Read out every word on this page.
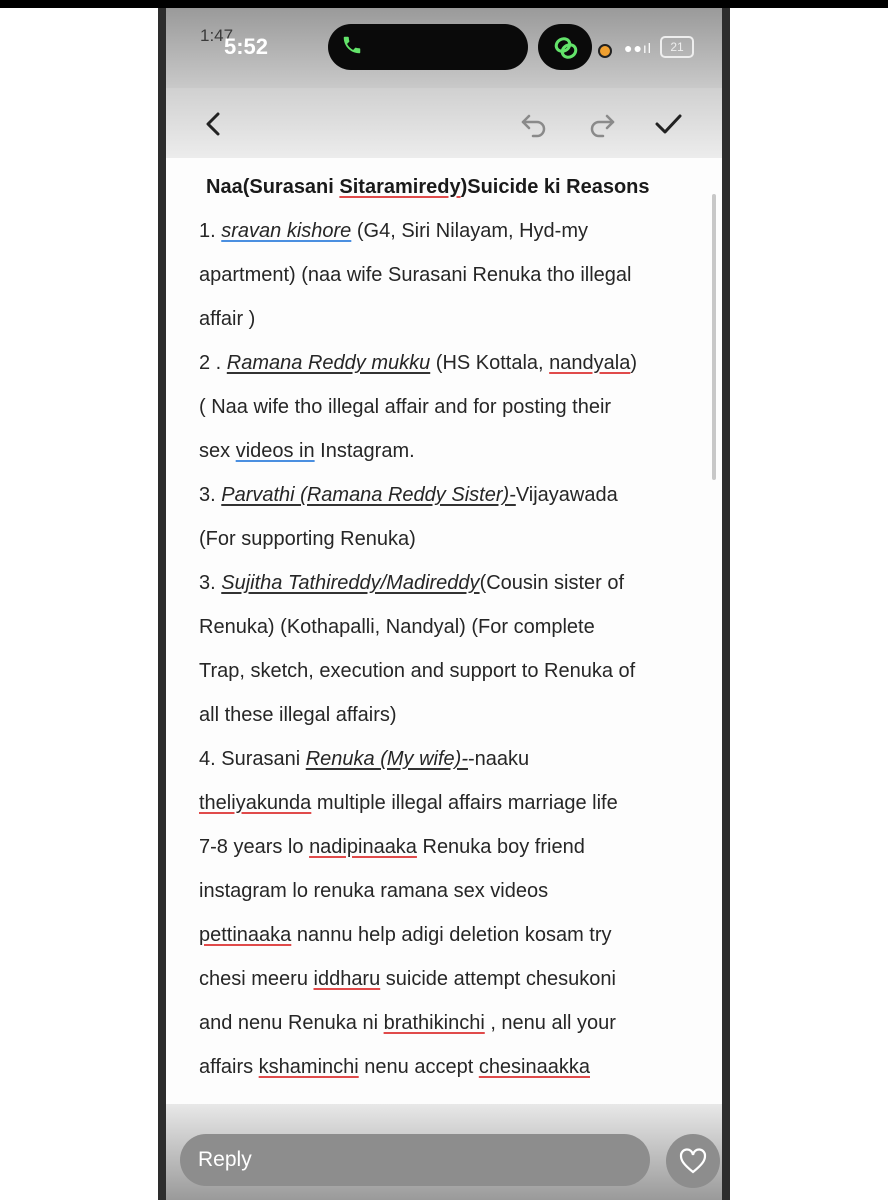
1:47
5:52	●●ıl	21
Naa(Surasani Sitaramiredy)Suicide ki Reasons
1. sravan kishore (G4, Siri Nilayam, Hyd-my
apartment) (naa wife Surasani Renuka tho illegal
affair )
2 . Ramana Reddy mukku (HS Kottala, nandyala)
( Naa wife tho illegal affair and for posting their
sex videos in Instagram.
3. Parvathi (Ramana Reddy Sister)-Vijayawada
(For supporting Renuka)
3. Sujitha Tathireddy/Madireddy(Cousin sister of
Renuka) (Kothapalli, Nandyal) (For complete
Trap, sketch, execution and support to Renuka of
all these illegal affairs)
4. Surasani Renuka (My wife)--naaku
theliyakunda multiple illegal affairs marriage life
7-8 years lo nadipinaaka Renuka boy friend
instagram lo renuka ramana sex videos
pettinaaka nannu help adigi deletion kosam try
chesi meeru iddharu suicide attempt chesukoni
and nenu Renuka ni brathikinchi , nenu all your
affairs kshaminchi nenu accept chesinaakka
Reply
